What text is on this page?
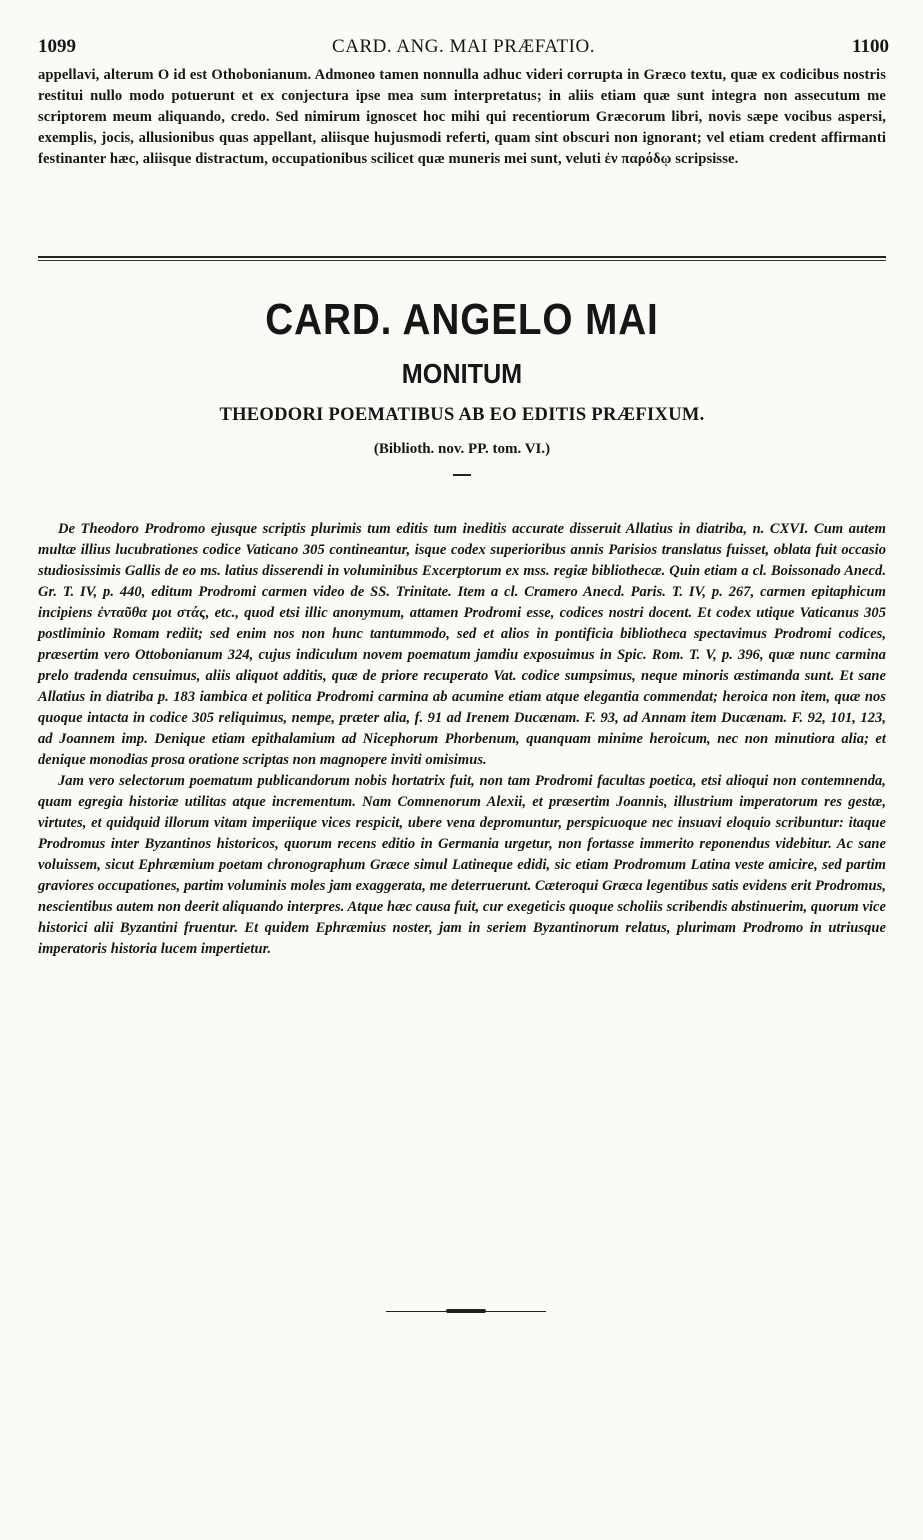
1099	CARD. ANG. MAI PRÆFATIO.	1100

appellavi, alterum O id est Othobonianum. Admoneo tamen nonnulla adhuc videri corrupta in Græco textu, quæ ex codicibus nostris restitui nullo modo potuerunt et ex conjectura ipse mea sum interpretatus; in aliis etiam quæ sunt integra non assecutum me scriptorem meum aliquando, credo. Sed nimirum ignoscet hoc mihi qui recentiorum Græcorum libri, novis sæpe vocibus aspersi, exemplis, jocis, allusionibus quas appellant, aliisque hujusmodi referti, quam sint obscuri non ignorant; vel etiam credent affirmanti festinanter hæc, aliisque distractum, occupationibus scilicet quæ muneris mei sunt, veluti ἐν παρόδῳ scripsisse.

CARD. ANGELO MAI
MONITUM
THEODORI POEMATIBUS AB EO EDITIS PRÆFIXUM.
(Biblioth. nov. PP. tom. VI.)

De Theodoro Prodromo ejusque scriptis plurimis tum editis tum ineditis accurate disseruit Allatius in diatriba, n. CXVI. Cum autem multæ illius lucubrationes codice Vaticano 305 contineantur, isque codex superioribus annis Parisios translatus fuisset, oblata fuit occasio studiosissimis Gallis de eo ms. latius disserendi in voluminibus Excerptorum ex mss. regiæ bibliothecæ. Quin etiam a cl. Boissonado Anecd. Gr. T. IV, p. 440, editum Prodromi carmen video de SS. Trinitate. Item a cl. Cramero Anecd. Paris. T. IV, p. 267, carmen epitaphicum incipiens ἐνταῦθα μοι στάς, etc., quod etsi illic anonymum, attamen Prodromi esse, codices nostri docent. Et codex utique Vaticanus 305 postliminio Romam rediit; sed enim nos non hunc tantummodo, sed et alios in pontificia bibliotheca spectavimus Prodromi codices, præsertim vero Ottobonianum 324, cujus indiculum novem poematum jamdiu exposuimus in Spic. Rom. T. V, p. 396, quæ nunc carmina prelo tradenda censuimus, aliis aliquot additis, quæ de priore recuperato Vat. codice sumpsimus, neque minoris æstimanda sunt. Et sane Allatius in diatriba p. 183 iambica et politica Prodromi carmina ab acumine etiam atque elegantia commendat; heroica non item, quæ nos quoque intacta in codice 305 reliquimus, nempe, præter alia, f. 91 ad Irenem Ducænam. F. 93, ad Annam item Ducænam. F. 92, 101, 123, ad Joannem imp. Denique etiam epithalamium ad Nicephorum Phorbenum, quanquam minime heroicum, nec non minutiora alia; et denique monodias prosa oratione scriptas non magnopere inviti omisimus.

Jam vero selectorum poematum publicandorum nobis hortatrix fuit, non tam Prodromi facultas poetica, etsi alioqui non contemnenda, quam egregia historiæ utilitas atque incrementum. Nam Comnenorum Alexii, et præsertim Joannis, illustrium imperatorum res gestæ, virtutes, et quidquid illorum vitam imperiique vices respicit, ubere vena depromuntur, perspicuoque nec insuavi eloquio scribuntur: itaque Prodromus inter Byzantinos historicos, quorum recens editio in Germania urgetur, non fortasse immerito reponendus videbitur. Ac sane voluissem, sicut Ephræmium poetam chronographum Græce simul Latineque edidi, sic etiam Prodromum Latina veste amicire, sed partim graviores occupationes, partim voluminis moles jam exaggerata, me deterruerunt. Cæteroqui Græca legentibus satis evidens erit Prodromus, nescientibus autem non deerit aliquando interpres. Atque hæc causa fuit, cur exegeticis quoque scholiis scribendis abstinuerim, quorum vice historici alii Byzantini fruentur. Et quidem Ephræmius noster, jam in seriem Byzantinorum relatus, plurimam Prodromo in utriusque imperatoris historia lucem impertietur.
